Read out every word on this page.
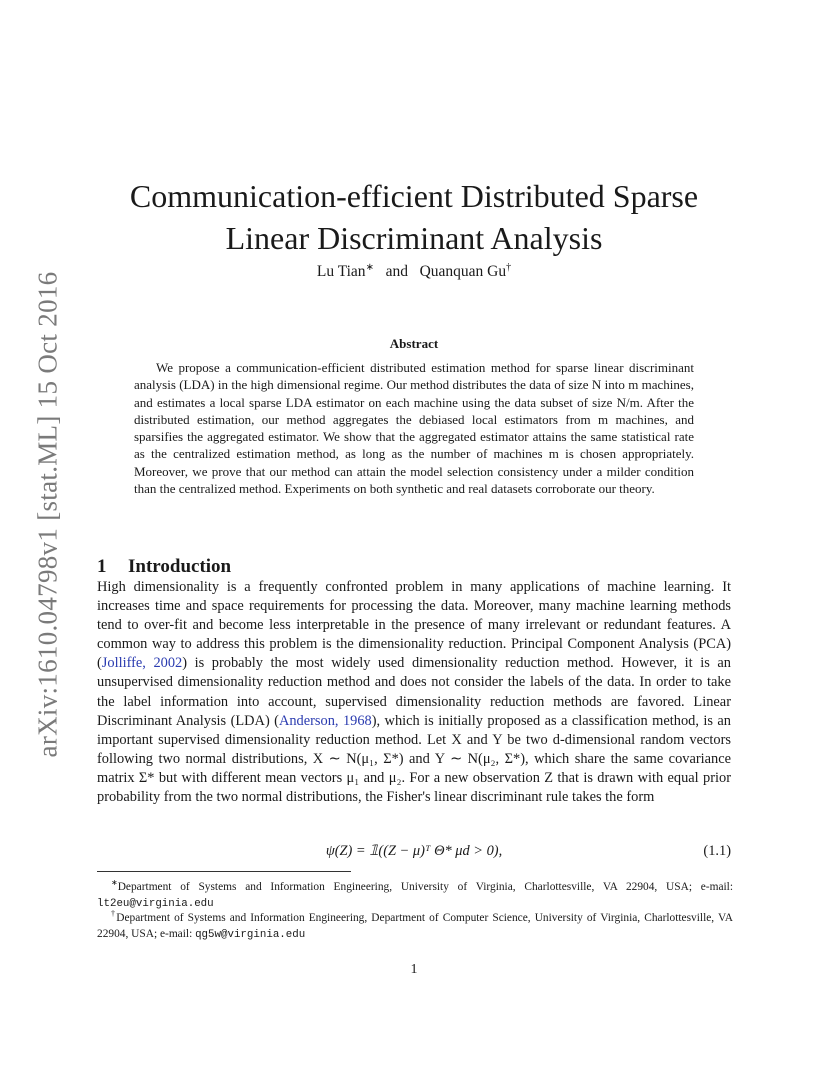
arXiv:1610.04798v1 [stat.ML] 15 Oct 2016
Communication-efficient Distributed Sparse
Linear Discriminant Analysis
Lu Tian∗ and Quanquan Gu†
Abstract

We propose a communication-efficient distributed estimation method for sparse linear discriminant analysis (LDA) in the high dimensional regime. Our method distributes the data of size N into m machines, and estimates a local sparse LDA estimator on each machine using the data subset of size N/m. After the distributed estimation, our method aggregates the debiased local estimators from m machines, and sparsifies the aggregated estimator. We show that the aggregated estimator attains the same statistical rate as the centralized estimation method, as long as the number of machines m is chosen appropriately. Moreover, we prove that our method can attain the model selection consistency under a milder condition than the centralized method. Experiments on both synthetic and real datasets corroborate our theory.

1 Introduction

High dimensionality is a frequently confronted problem in many applications of machine learning. It increases time and space requirements for processing the data. Moreover, many machine learning methods tend to over-fit and become less interpretable in the presence of many irrelevant or redundant features. A common way to address this problem is the dimensionality reduction. Principal Component Analysis (PCA) (Jolliffe, 2002) is probably the most widely used dimensionality reduction method. However, it is an unsupervised dimensionality reduction method and does not consider the labels of the data. In order to take the label information into account, supervised dimensionality reduction methods are favored. Linear Discriminant Analysis (LDA) (Anderson, 1968), which is initially proposed as a classification method, is an important supervised dimensionality reduction method. Let X and Y be two d-dimensional random vectors following two normal distributions, X ∼ N(μ₁, Σ*) and Y ∼ N(μ₂, Σ*), which share the same covariance matrix Σ* but with different mean vectors μ₁ and μ₂. For a new observation Z that is drawn with equal prior probability from the two normal distributions, the Fisher's linear discriminant rule takes the form

ψ(Z) = 𝟙((Z − μ)ᵀ Θ* μd > 0),	(1.1)

∗Department of Systems and Information Engineering, University of Virginia, Charlottesville, VA 22904, USA; e-mail: lt2eu@virginia.edu

†Department of Systems and Information Engineering, Department of Computer Science, University of Virginia, Charlottesville, VA 22904, USA; e-mail: qg5w@virginia.edu

1
